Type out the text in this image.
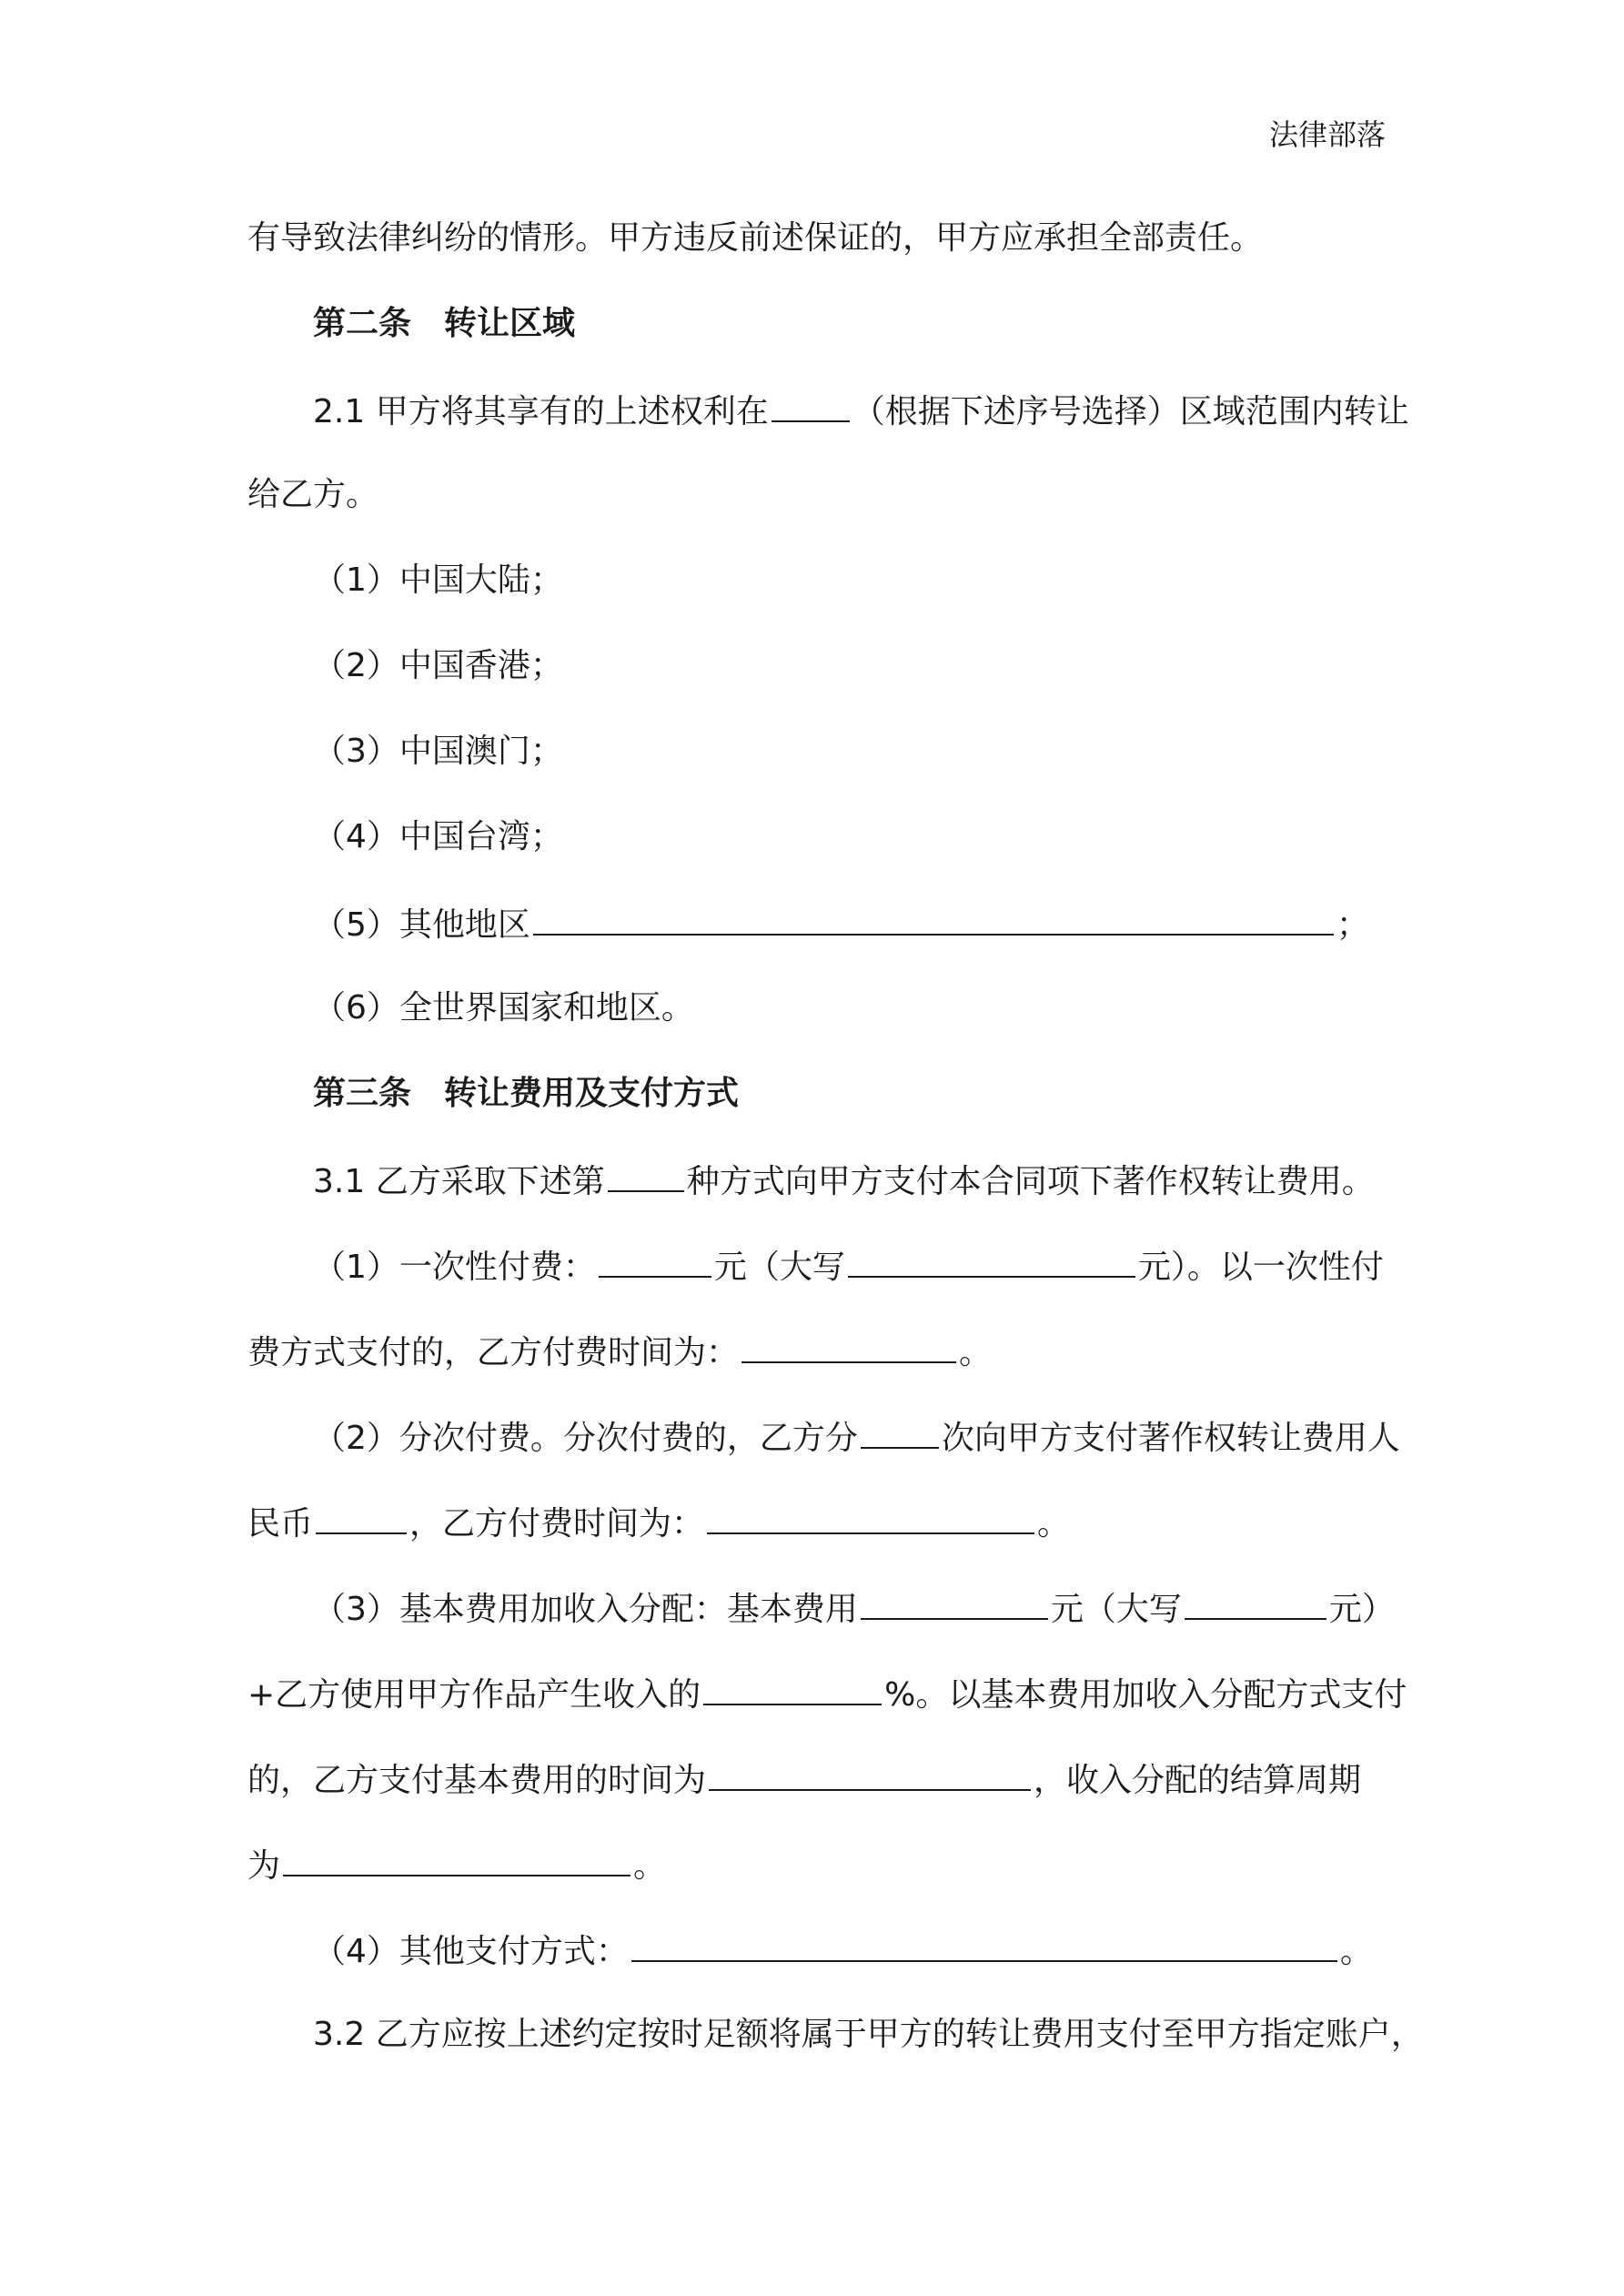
法律部落
有导致法律纠纷的情形。甲方违反前述保证的，甲方应承担全部责任。
第二条 转让区域
2.1 甲方将其享有的上述权利在	（根据下述序号选择）区域范围内转让
给乙方。
（1）中国大陆；
（2）中国香港；
（3）中国澳门；
（4）中国台湾；
（5）其他地区	；
（6）全世界国家和地区。
第三条 转让费用及支付方式
3.1 乙方采取下述第	种方式向甲方支付本合同项下著作权转让费用。
（1）一次性付费：	元（大写	元）。以一次性付
费方式支付的，乙方付费时间为：	。
（2）分次付费。分次付费的，乙方分	次向甲方支付著作权转让费用人
民币	，乙方付费时间为：	。
（3）基本费用加收入分配：基本费用	元（大写	元）
+乙方使用甲方作品产生收入的	%。以基本费用加收入分配方式支付
的，乙方支付基本费用的时间为	，收入分配的结算周期
为	。
（4）其他支付方式：	。
3.2 乙方应按上述约定按时足额将属于甲方的转让费用支付至甲方指定账户，
